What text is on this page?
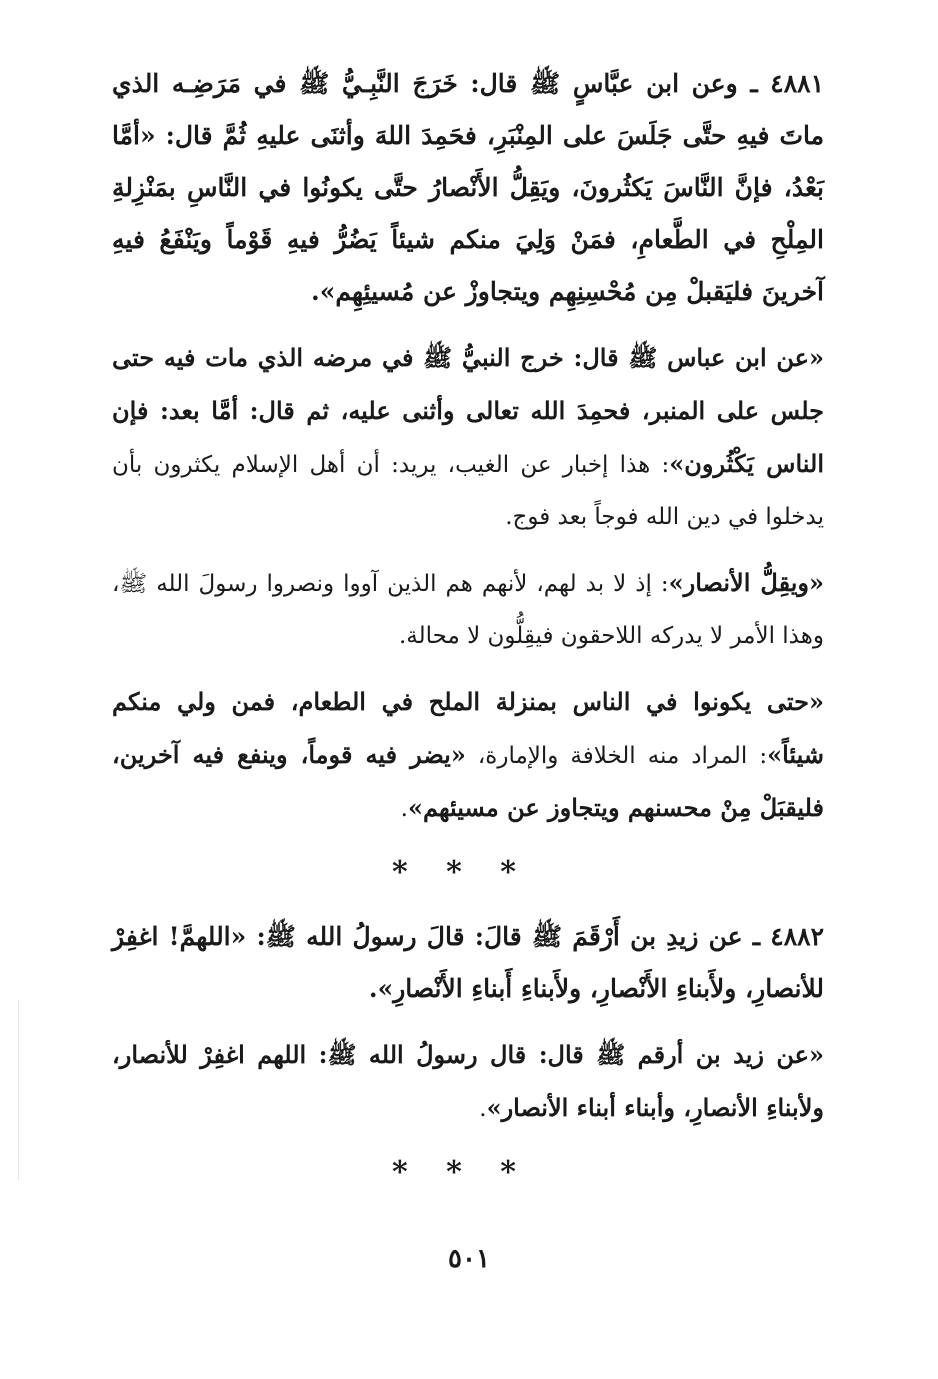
٤٨٨١ ـ وعن ابن عبَّاسٍ ﷺ قال: خَرَجَ النَّبِـيُّ ﷺ في مَرَضِـه الذي ماتَ فيهِ حتَّى جَلَسَ على المِنْبَرِ، فحَمِدَ اللهَ وأثنَى عليهِ ثُمَّ قال: «أمَّا بَعْدُ، فإنَّ النَّاسَ يَكثُرونَ، ويَقِلُّ الأَنْصارُ حتَّى يكونُوا في النَّاسِ بمَنْزِلةِ المِلْحِ في الطَّعامِ، فمَنْ وَلِيَ منكم شيئاً يَضُرُّ فيهِ قَوْماً ويَنْفَعُ فيهِ آخرينَ فليَقبلْ مِن مُحْسِنِهِم ويتجاوزْ عن مُسيئِهِم».

«عن ابن عباس ﷺ قال: خرج النبيُّ ﷺ في مرضه الذي مات فيه حتى جلس على المنبر، فحمِدَ الله تعالى وأثنى عليه، ثم قال: أمَّا بعد: فإن الناس يَكْثُرون»: هذا إخبار عن الغيب، يريد: أن أهل الإسلام يكثرون بأن يدخلوا في دين الله فوجاً بعد فوج.

«ويقِلُّ الأنصار»: إذ لا بد لهم، لأنهم هم الذين آووا ونصروا رسولَ الله ﷺ، وهذا الأمر لا يدركه اللاحقون فيقِلُّون لا محالة.

«حتى يكونوا في الناس بمنزلة الملح في الطعام، فمن ولي منكم شيئاً»: المراد منه الخلافة والإمارة، «يضر فيه قوماً، وينفع فيه آخرين، فليقبَلْ مِنْ محسنهم ويتجاوز عن مسيئهم».

* * *

٤٨٨٢ ـ عن زيدِ بن أَرْقَمَ ﷺ قالَ: قالَ رسولُ الله ﷺ: «اللهمَّ! اغفِرْ للأنصارِ، ولأَبناءِ الأَنْصارِ، ولأَبناءِ أَبناءِ الأَنْصارِ».

«عن زيد بن أرقم ﷺ قال: قال رسولُ الله ﷺ: اللهم اغفِرْ للأنصار، ولأبناءِ الأنصارِ، وأبناء أبناء الأنصار».

* * *

٥٠١
